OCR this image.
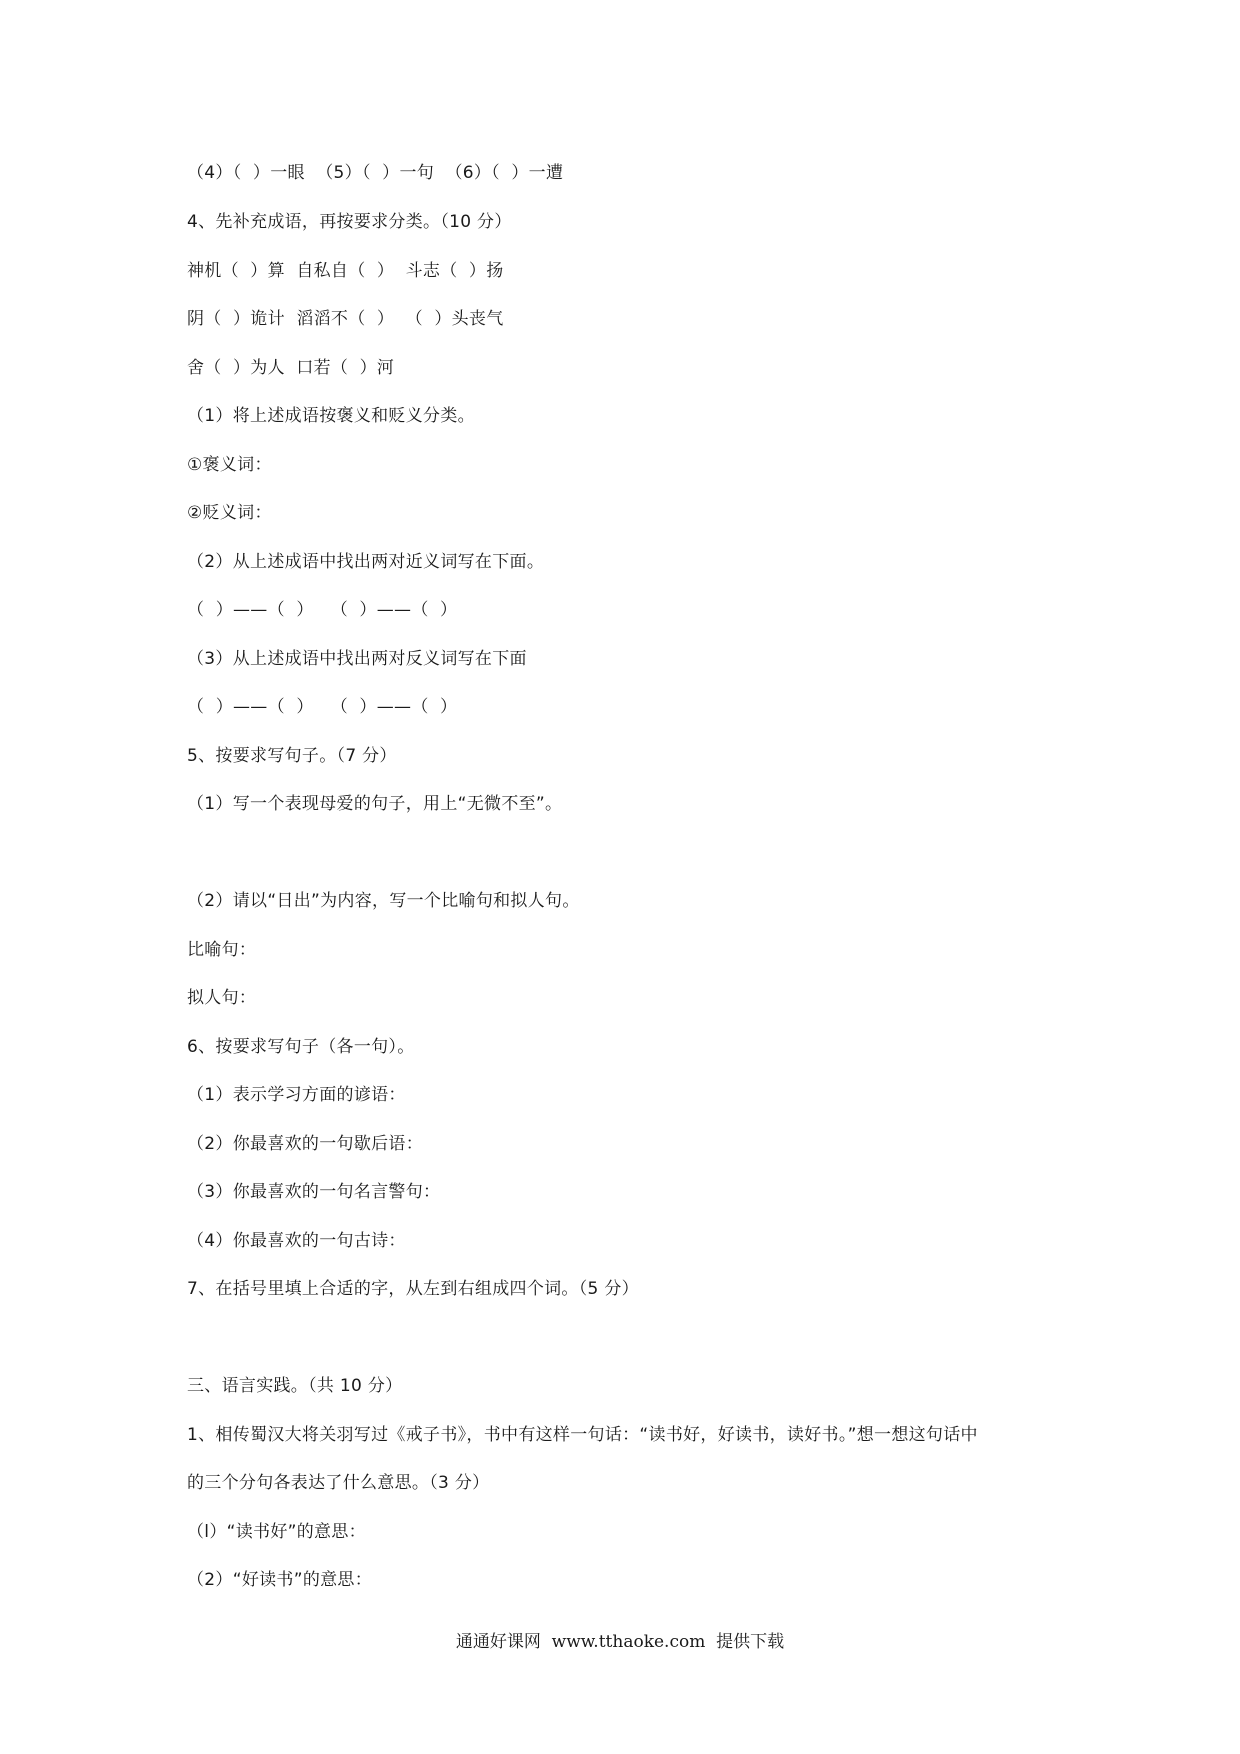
（4）（  ）一眼  （5）（  ）一句  （6）（  ）一遭
4、先补充成语，再按要求分类。（10 分）
神机（  ）算  自私自（  ）  斗志（  ）扬
阴（  ）诡计  滔滔不（  ）  （  ）头丧气
舍（  ）为人  口若（  ）河
（1）将上述成语按褒义和贬义分类。
①褒义词：
②贬义词：
（2）从上述成语中找出两对近义词写在下面。
（  ）——（  ）   （  ）——（  ）
（3）从上述成语中找出两对反义词写在下面
（  ）——（  ）   （  ）——（  ）
5、按要求写句子。（7 分）
（1）写一个表现母爱的句子，用上“无微不至”。
（2）请以“日出”为内容，写一个比喻句和拟人句。
比喻句：
拟人句：
6、按要求写句子（各一句）。
（1）表示学习方面的谚语：
（2）你最喜欢的一句歇后语：
（3）你最喜欢的一句名言警句：
（4）你最喜欢的一句古诗：
7、在括号里填上合适的字，从左到右组成四个词。（5 分）
三、语言实践。（共 10 分）
1、相传蜀汉大将关羽写过《戒子书》，书中有这样一句话：“读书好，好读书，读好书。”想一想这句话中
的三个分句各表达了什么意思。（3 分）
（l）“读书好”的意思：
（2）“好读书”的意思：
通通好课网  www.tthaoke.com  提供下载
